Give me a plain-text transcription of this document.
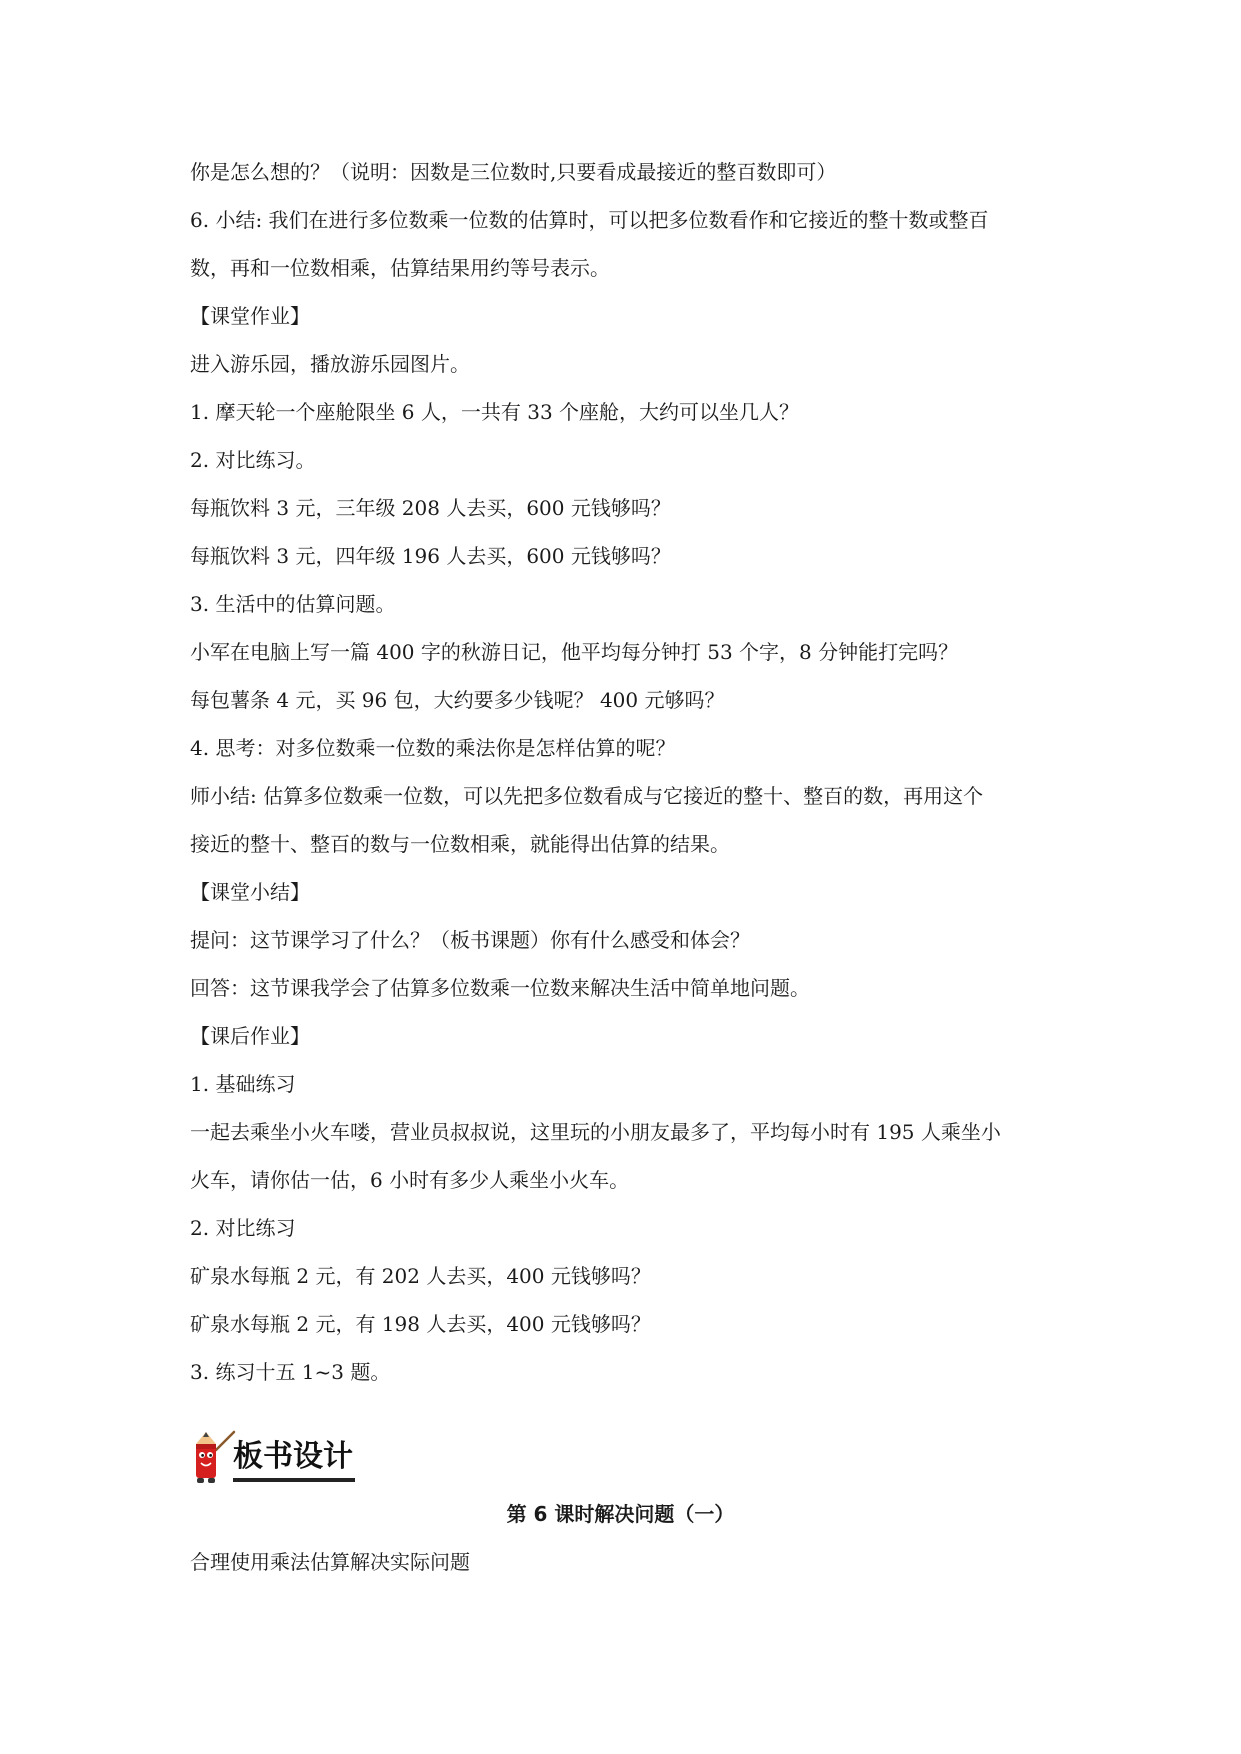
你是怎么想的？（说明：因数是三位数时,只要看成最接近的整百数即可）
6. 小结: 我们在进行多位数乘一位数的估算时，可以把多位数看作和它接近的整十数或整百
数，再和一位数相乘，估算结果用约等号表示。
【课堂作业】
进入游乐园，播放游乐园图片。
1. 摩天轮一个座舱限坐 6 人，一共有 33 个座舱，大约可以坐几人？
2. 对比练习。
每瓶饮料 3 元，三年级 208 人去买，600 元钱够吗？
每瓶饮料 3 元，四年级 196 人去买，600 元钱够吗？
3. 生活中的估算问题。
小军在电脑上写一篇 400 字的秋游日记，他平均每分钟打 53 个字，8 分钟能打完吗？
每包薯条 4 元，买 96 包，大约要多少钱呢？ 400 元够吗？
4. 思考：对多位数乘一位数的乘法你是怎样估算的呢？
师小结: 估算多位数乘一位数，可以先把多位数看成与它接近的整十、整百的数，再用这个
接近的整十、整百的数与一位数相乘，就能得出估算的结果。
【课堂小结】
提问：这节课学习了什么？（板书课题）你有什么感受和体会？
回答：这节课我学会了估算多位数乘一位数来解决生活中简单地问题。
【课后作业】
1. 基础练习
一起去乘坐小火车喽，营业员叔叔说，这里玩的小朋友最多了，平均每小时有 195 人乘坐小
火车，请你估一估，6 小时有多少人乘坐小火车。
2. 对比练习
矿泉水每瓶 2 元，有 202 人去买，400 元钱够吗？
矿泉水每瓶 2 元，有 198 人去买，400 元钱够吗？
3. 练习十五 1~3 题。
板书设计
第 6 课时解决问题（一）
合理使用乘法估算解决实际问题
